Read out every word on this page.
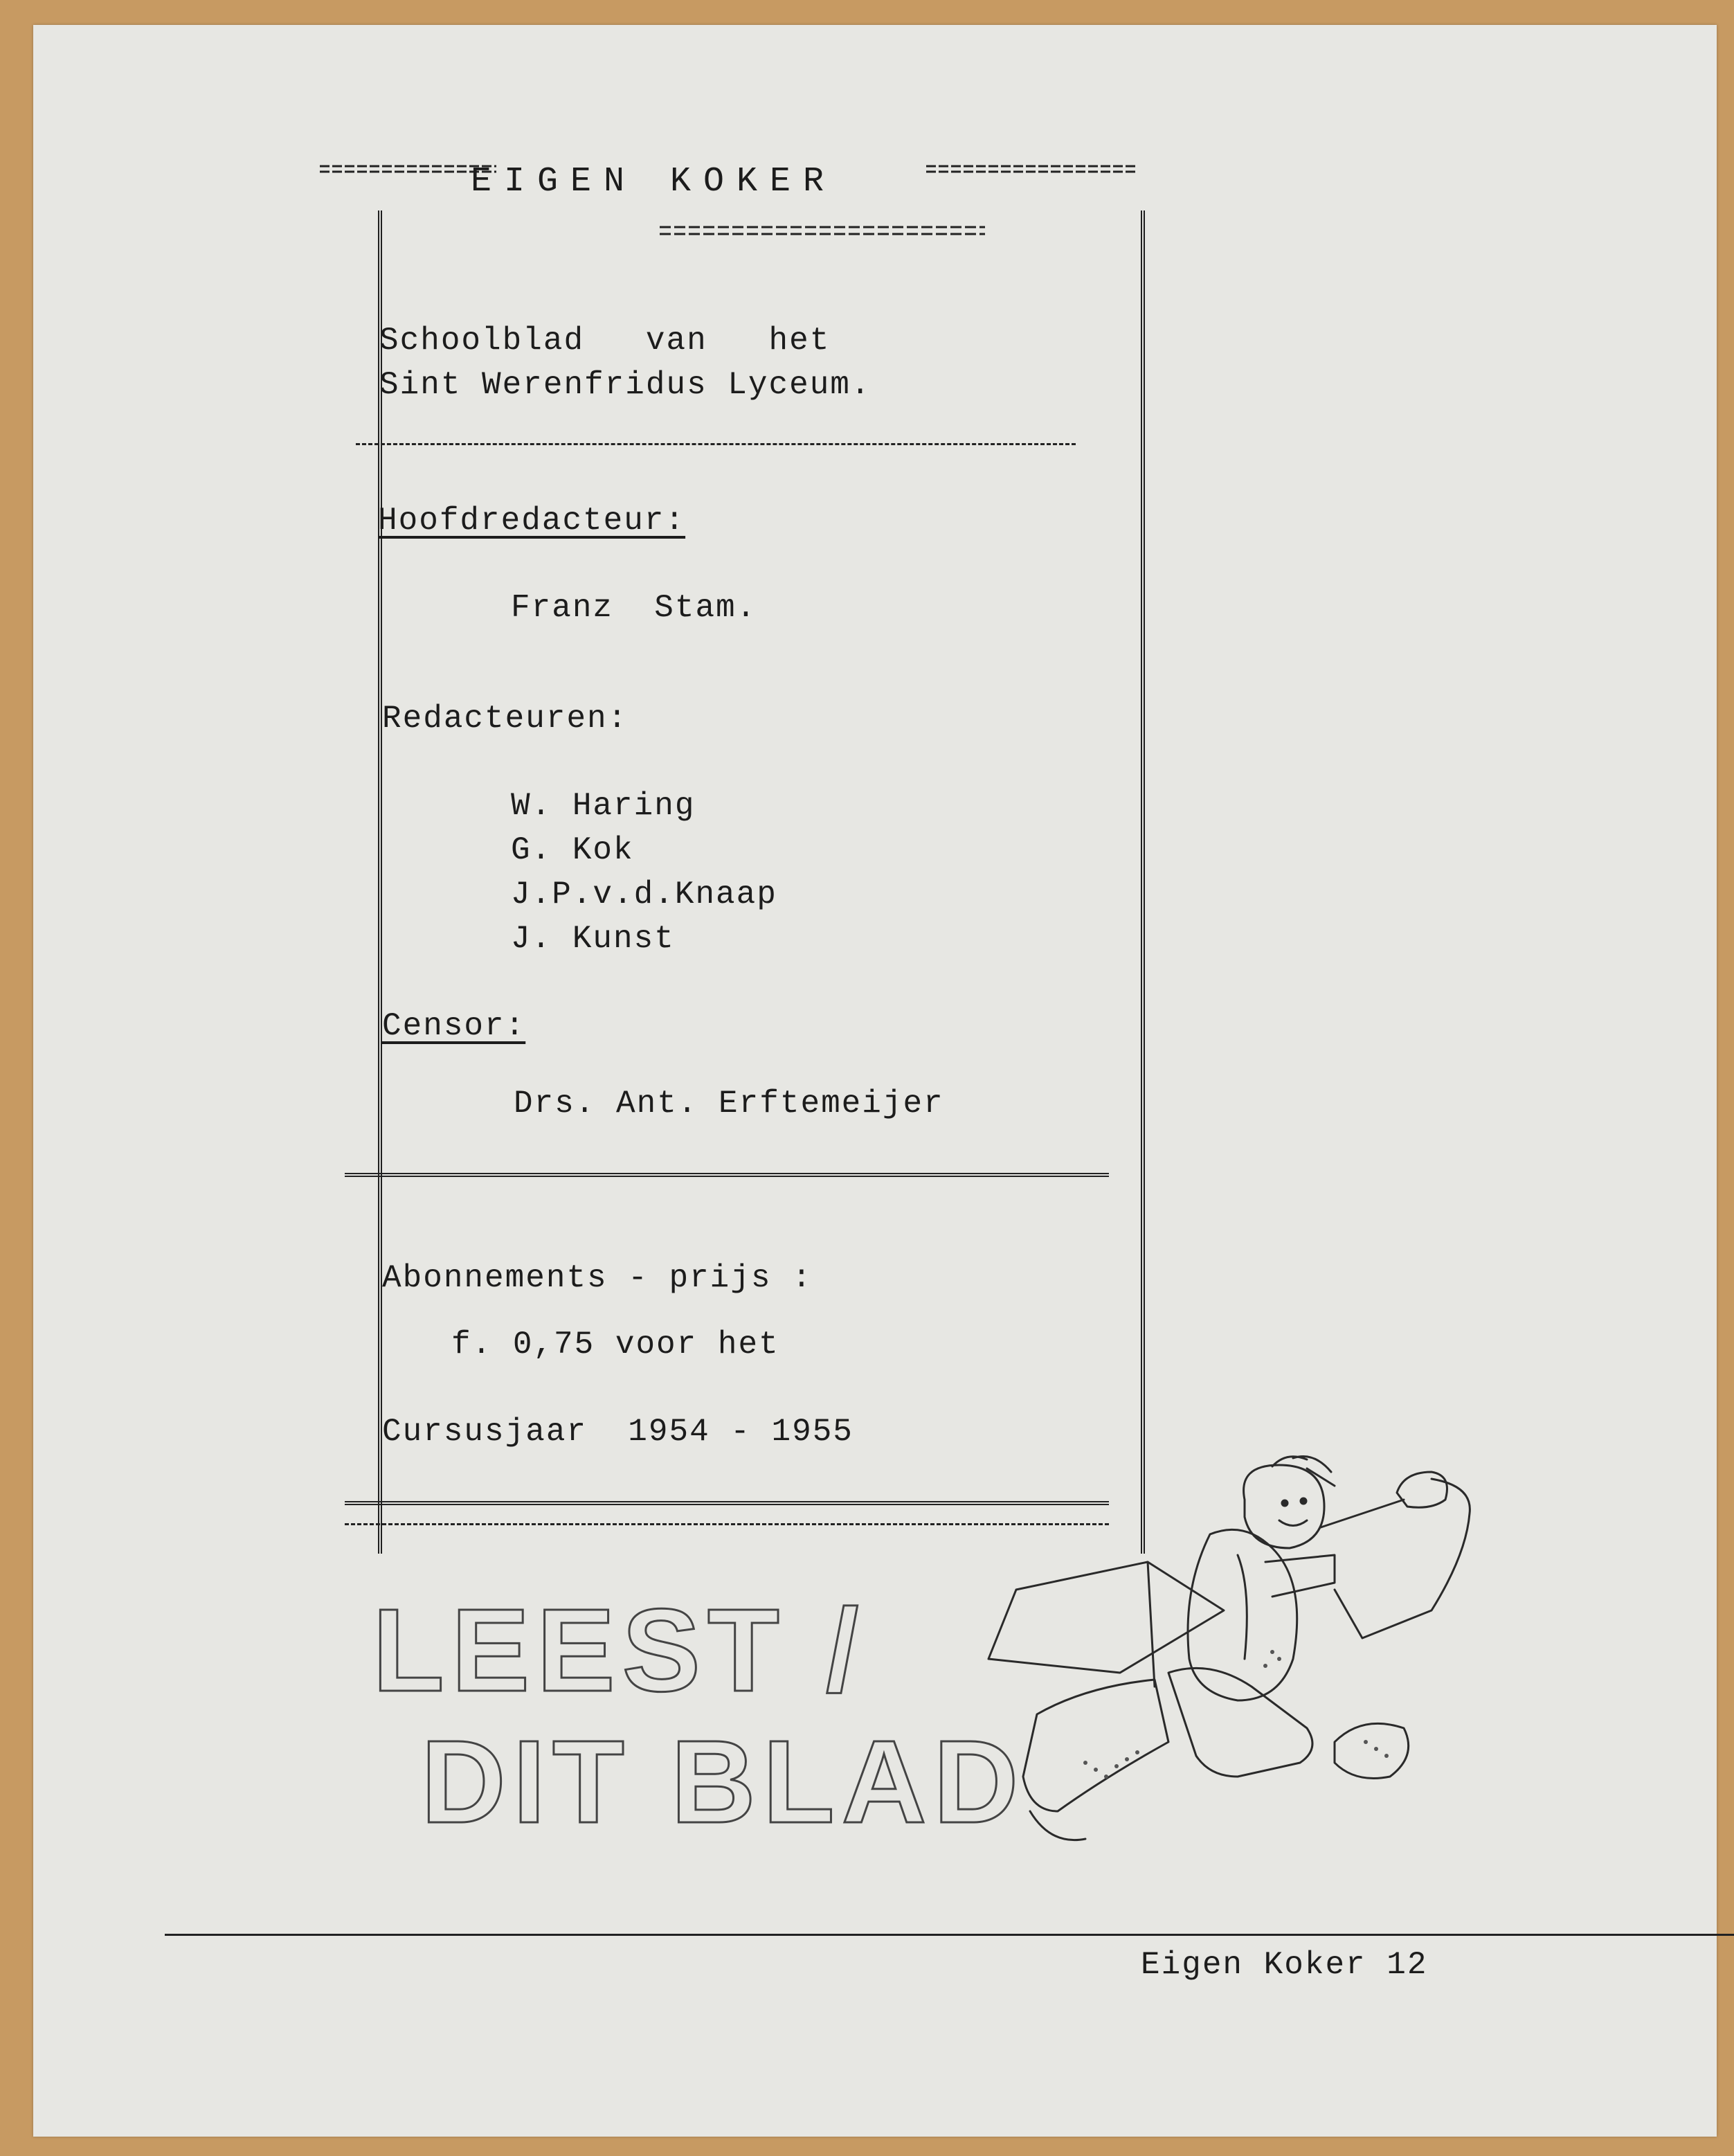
EIGEN KOKER
Schoolblad   van   het
Sint Werenfridus Lyceum.
Hoofdredacteur:
Franz  Stam.
Redacteuren:
W. Haring
G. Kok
J.P.v.d.Knaap
J. Kunst
Censor:
Drs. Ant. Erftemeijer
Abonnements - prijs :
f. 0,75 voor het
Cursusjaar  1954 - 1955
LEEST /
DIT BLAD
Eigen Koker 12
